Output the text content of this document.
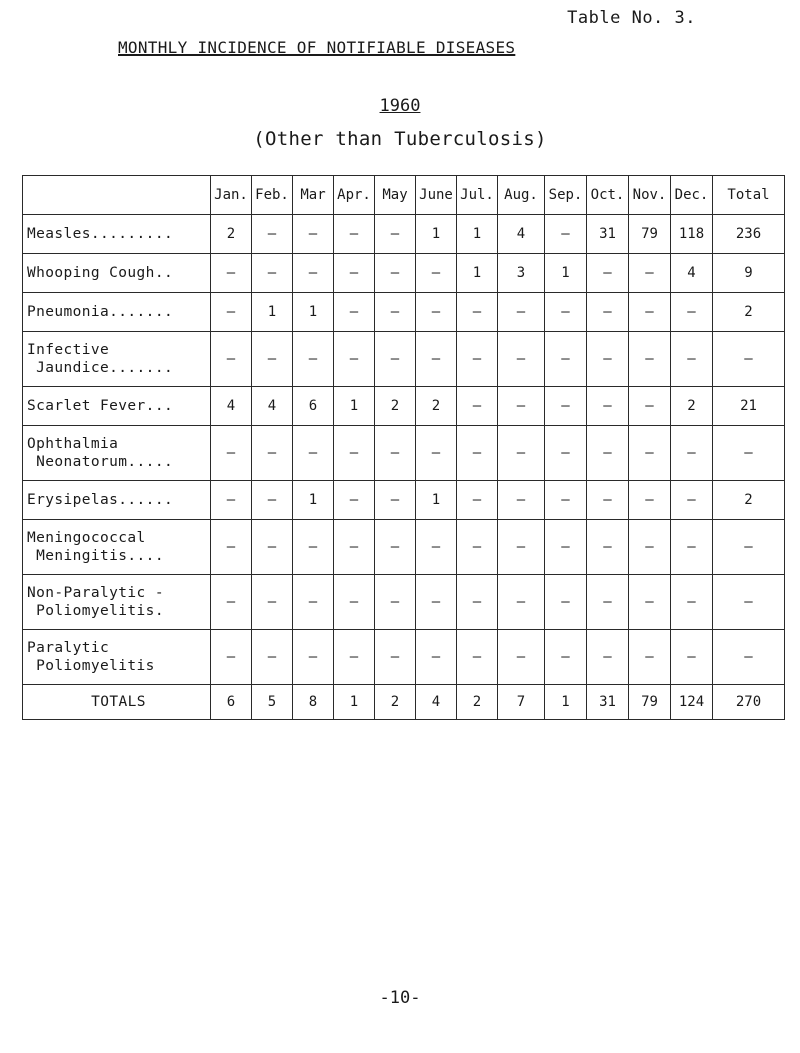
Table No. 3.
MONTHLY INCIDENCE OF NOTIFIABLE DISEASES
1960
(Other than Tuberculosis)
	Jan.	Feb.	Mar	Apr.	May	June	Jul.	Aug.	Sep.	Oct.	Nov.	Dec.	Total
Measles.........	2	–	–	–	–	1	1	4	–	31	79	118	236
Whooping Cough..	–	–	–	–	–	–	1	3	1	–	–	4	9
Pneumonia.......	–	1	1	–	–	–	–	–	–	–	–	–	2
Infective
Jaundice.......	–	–	–	–	–	–	–	–	–	–	–	–	–
Scarlet Fever...	4	4	6	1	2	2	–	–	–	–	–	2	21
Ophthalmia
Neonatorum.....	–	–	–	–	–	–	–	–	–	–	–	–	–
Erysipelas......	–	–	1	–	–	1	–	–	–	–	–	–	2
Meningococcal
Meningitis....	–	–	–	–	–	–	–	–	–	–	–	–	–
Non-Paralytic -
Poliomyelitis.	–	–	–	–	–	–	–	–	–	–	–	–	–
Paralytic
Poliomyelitis	–	–	–	–	–	–	–	–	–	–	–	–	–
TOTALS	6	5	8	1	2	4	2	7	1	31	79	124	270
-10-
